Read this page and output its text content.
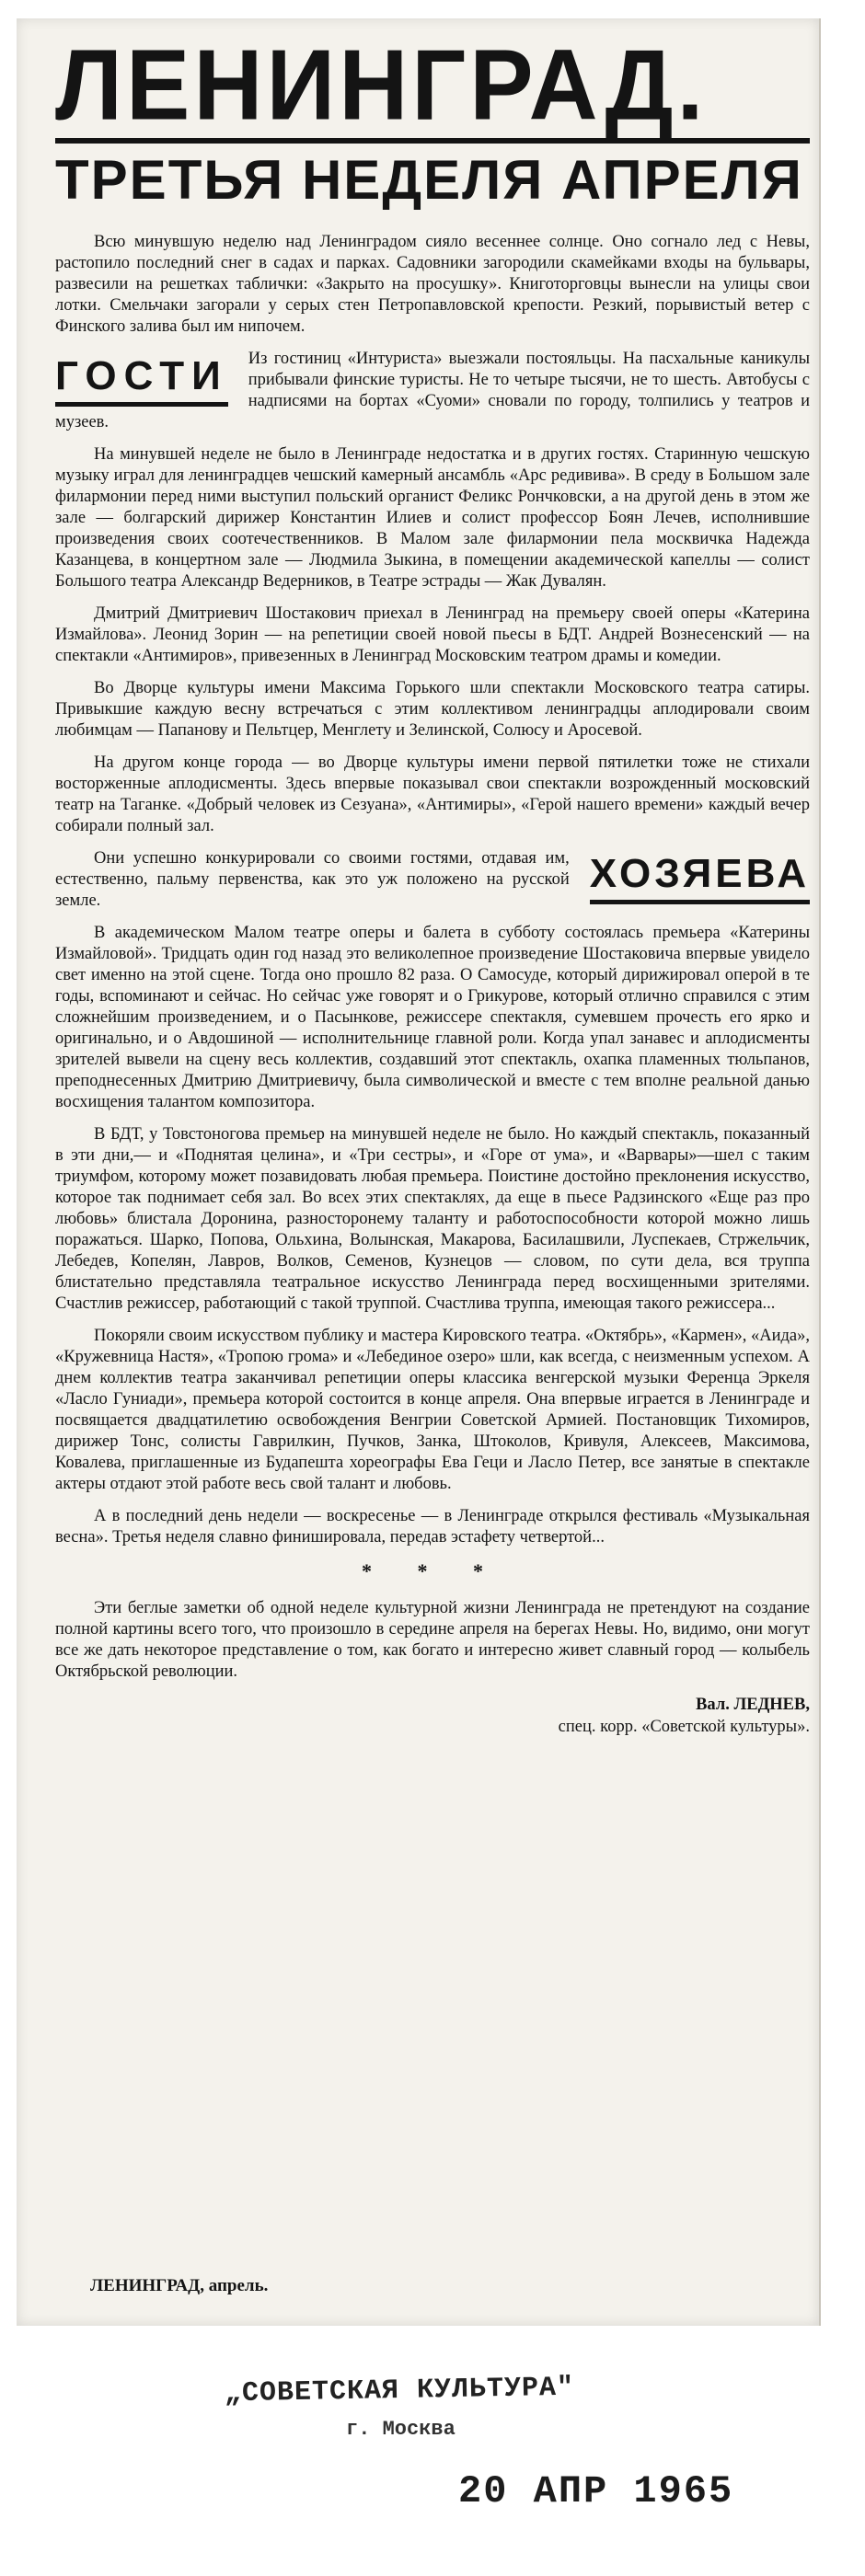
ЛЕНИНГРАД.
ТРЕТЬЯ НЕДЕЛЯ АПРЕЛЯ

Всю минувшую неделю над Ленинградом сияло весеннее солнце. Оно согнало лед с Невы, растопило последний снег в садах и парках. Садовники загородили скамейками входы на бульвары, развесили на решетках таблички: «Закрыто на просушку». Книготорговцы вынесли на улицы свои лотки. Смельчаки загорали у серых стен Петропавловской крепости. Резкий, порывистый ветер с Финского залива был им нипочем.

ГОСТИ	Из гостиниц «Интуриста» выезжали постояльцы. На пасхальные каникулы прибывали финские туристы. Не то четыре тысячи, не то шесть. Автобусы с надписями на бортах «Суоми» сновали по городу, толпились у театров и музеев.

На минувшей неделе не было в Ленинграде недостатка и в других гостях. Старинную чешскую музыку играл для ленинградцев чешский камерный ансамбль «Арс редивива». В среду в Большом зале филармонии перед ними выступил польский органист Феликс Рончковски, а на другой день в этом же зале — болгарский дирижер Константин Илиев и солист профессор Боян Лечев, исполнившие произведения своих соотечественников. В Малом зале филармонии пела москвичка Надежда Казанцева, в концертном зале — Людмила Зыкина, в помещении академической капеллы — солист Большого театра Александр Ведерников, в Театре эстрады — Жак Дувалян.

Дмитрий Дмитриевич Шостакович приехал в Ленинград на премьеру своей оперы «Катерина Измайлова». Леонид Зорин — на репетиции своей новой пьесы в БДТ. Андрей Вознесенский — на спектакли «Антимиров», привезенных в Ленинград Московским театром драмы и комедии.

Во Дворце культуры имени Максима Горького шли спектакли Московского театра сатиры. Привыкшие каждую весну встречаться с этим коллективом ленинградцы аплодировали своим любимцам — Папанову и Пельтцер, Менглету и Зелинской, Солюсу и Аросевой.

На другом конце города — во Дворце культуры имени первой пятилетки тоже не стихали восторженные аплодисменты. Здесь впервые показывал свои спектакли возрожденный московский театр на Таганке. «Добрый человек из Сезуана», «Антимиры», «Герой нашего времени» каждый вечер собирали полный зал.

ХОЗЯЕВА

Они успешно конкурировали со своими гостями, отдавая им, естественно, пальму первенства, как это уж положено на русской земле.

В академическом Малом театре оперы и балета в субботу состоялась премьера «Катерины Измайловой». Тридцать один год назад это великолепное произведение Шостаковича впервые увидело свет именно на этой сцене. Тогда оно прошло 82 раза. О Самосуде, который дирижировал оперой в те годы, вспоминают и сейчас. Но сейчас уже говорят и о Грикурове, который отлично справился с этим сложнейшим произведением, и о Пасынкове, режиссере спектакля, сумевшем прочесть его ярко и оригинально, и о Авдошиной — исполнительнице главной роли. Когда упал занавес и аплодисменты зрителей вывели на сцену весь коллектив, создавший этот спектакль, охапка пламенных тюльпанов, преподнесенных Дмитрию Дмитриевичу, была символической и вместе с тем вполне реальной данью восхищения талантом композитора.

В БДТ, у Товстоногова премьер на минувшей неделе не было. Но каждый спектакль, показанный в эти дни,— и «Поднятая целина», и «Три сестры», и «Горе от ума», и «Варвары»—шел с таким триумфом, которому может позавидовать любая премьера. Поистине достойно преклонения искусство, которое так поднимает себя зал. Во всех этих спектаклях, да еще в пьесе Радзинского «Еще раз про любовь» блистала Доронина, разносторонему таланту и работоспособности которой можно лишь поражаться. Шарко, Попова, Ольхина, Волынская, Макарова, Басилашвили, Луспекаев, Стржельчик, Лебедев, Копелян, Лавров, Волков, Семенов, Кузнецов — словом, по сути дела, вся труппа блистательно представляла театральное искусство Ленинграда перед восхищенными зрителями. Счастлив режиссер, работающий с такой труппой. Счастлива труппа, имеющая такого режиссера...

Покоряли своим искусством публику и мастера Кировского театра. «Октябрь», «Кармен», «Аида», «Кружевница Настя», «Тропою грома» и «Лебединое озеро» шли, как всегда, с неизменным успехом. А днем коллектив театра заканчивал репетиции оперы классика венгерской музыки Ференца Эркеля «Ласло Гуниади», премьера которой состоится в конце апреля. Она впервые играется в Ленинграде и посвящается двадцатилетию освобождения Венгрии Советской Армией. Постановщик Тихомиров, дирижер Тонс, солисты Гаврилкин, Пучков, Занка, Штоколов, Кривуля, Алексеев, Максимова, Ковалева, приглашенные из Будапешта хореографы Ева Геци и Ласло Петер, все занятые в спектакле актеры отдают этой работе весь свой талант и любовь.

А в последний день недели — воскресенье — в Ленинграде открылся фестиваль «Музыкальная весна». Третья неделя славно финишировала, передав эстафету четвертой...

* * *

Эти беглые заметки об одной неделе культурной жизни Ленинграда не претендуют на создание полной картины всего того, что произошло в середине апреля на берегах Невы. Но, видимо, они могут все же дать некоторое представление о том, как богато и интересно живет славный город — колыбель Октябрьской революции.

Вал. ЛЕДНЕВ,
спец. корр. «Советской культуры».
ЛЕНИНГРАД, апрель.
„СОВЕТСКАЯ КУЛЬТУРА"
г. Москва
20 АПР 1965
